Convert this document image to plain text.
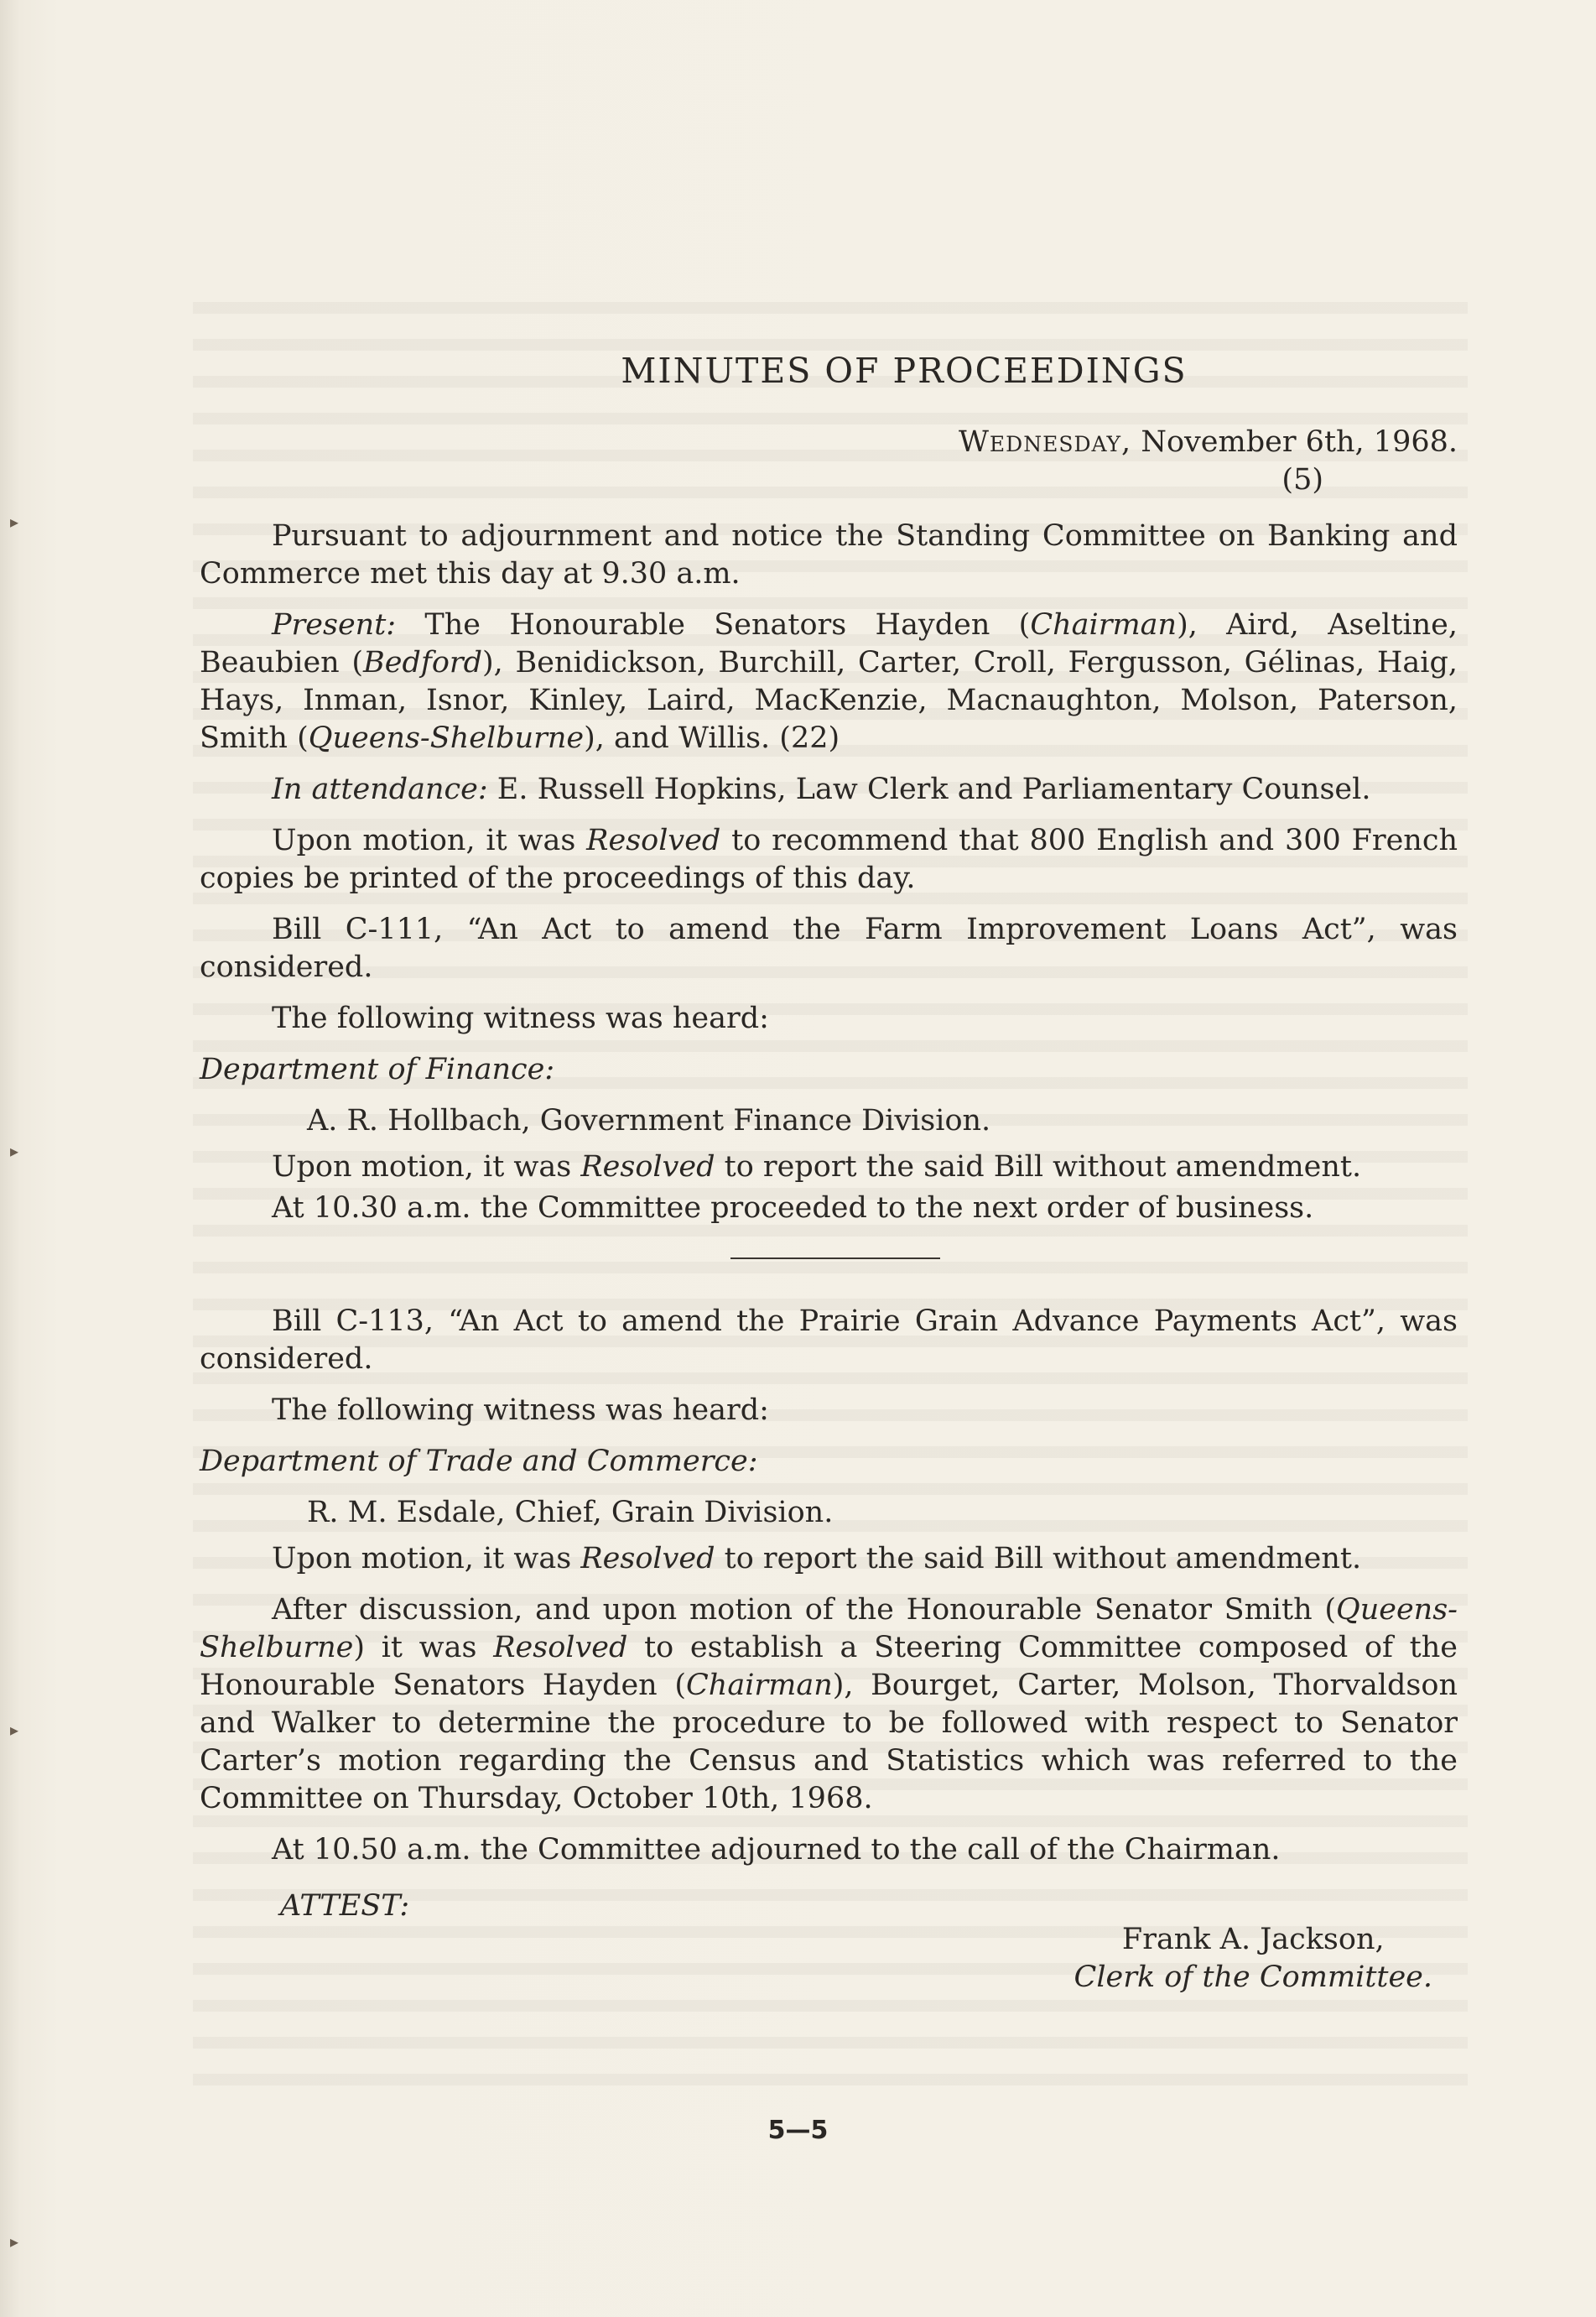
▸
▸
▸
▸
MINUTES OF PROCEEDINGS
Wednesday, November 6th, 1968.
(5)

Pursuant to adjournment and notice the Standing Committee on Banking and Commerce met this day at 9.30 a.m.

Present: The Honourable Senators Hayden (Chairman), Aird, Aseltine, Beaubien (Bedford), Benidickson, Burchill, Carter, Croll, Fergusson, Gélinas, Haig, Hays, Inman, Isnor, Kinley, Laird, MacKenzie, Macnaughton, Molson, Paterson, Smith (Queens-Shelburne), and Willis. (22)

In attendance: E. Russell Hopkins, Law Clerk and Parliamentary Counsel.

Upon motion, it was Resolved to recommend that 800 English and 300 French copies be printed of the proceedings of this day.

Bill C-111, “An Act to amend the Farm Improvement Loans Act”, was considered.

The following witness was heard:

Department of Finance:
A. R. Hollbach, Government Finance Division.

Upon motion, it was Resolved to report the said Bill without amendment.

At 10.30 a.m. the Committee proceeded to the next order of business.

Bill C-113, “An Act to amend the Prairie Grain Advance Payments Act”, was considered.

The following witness was heard:

Department of Trade and Commerce:
R. M. Esdale, Chief, Grain Division.

Upon motion, it was Resolved to report the said Bill without amendment.

After discussion, and upon motion of the Honourable Senator Smith (Queens-Shelburne) it was Resolved to establish a Steering Committee composed of the Honourable Senators Hayden (Chairman), Bourget, Carter, Molson, Thorvaldson and Walker to determine the procedure to be followed with respect to Senator Carter’s motion regarding the Census and Statistics which was referred to the Committee on Thursday, October 10th, 1968.

At 10.50 a.m. the Committee adjourned to the call of the Chairman.

ATTEST:
Frank A. Jackson,
Clerk of the Committee.
5—5
